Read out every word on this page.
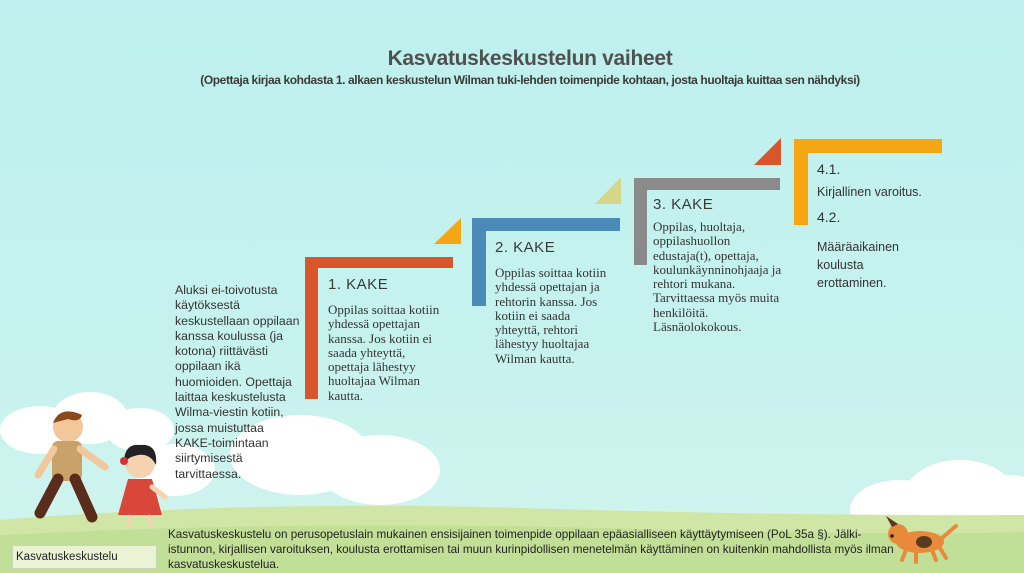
Kasvatuskeskustelun vaiheet
(Opettaja kirjaa kohdasta 1. alkaen keskustelun Wilman tuki-lehden toimenpide kohtaan, josta huoltaja kuittaa sen nähdyksi)
Aluksi ei-toivotusta käytöksestä keskustellaan oppilaan kanssa koulussa (ja kotona) riittävästi oppilaan ikä huomioiden. Opettaja laittaa keskustelusta Wilma-viestin kotiin, jossa muistuttaa KAKE-toimintaan siirtymisestä tarvittaessa.
1. KAKE
Oppilas soittaa kotiin yhdessä opettajan kanssa. Jos kotiin ei saada yhteyttä, opettaja lähestyy huoltajaa Wilman kautta.
2. KAKE
Oppilas soittaa kotiin yhdessä opettajan ja rehtorin kanssa. Jos kotiin ei saada yhteyttä, rehtori lähestyy huoltajaa Wilman kautta.
3. KAKE
Oppilas, huoltaja, oppilashuollon edustaja(t), opettaja, koulunkäynninohjaaja ja rehtori mukana. Tarvittaessa myös muita henkilöitä. Läsnäolokokous.
4.1.
Kirjallinen varoitus.
4.2.
Määräaikainen koulusta erottaminen.
Kasvatuskeskustelu on perusopetuslain mukainen ensisijainen toimenpide oppilaan epäasialliseen käyttäytymiseen (PoL 35a §). Jälki-istunnon, kirjallisen varoituksen, koulusta erottamisen tai muun kurinpidollisen menetelmän käyttäminen on kuitenkin mahdollista myös ilman kasvatuskeskustelua.
Kasvatuskeskustelu
